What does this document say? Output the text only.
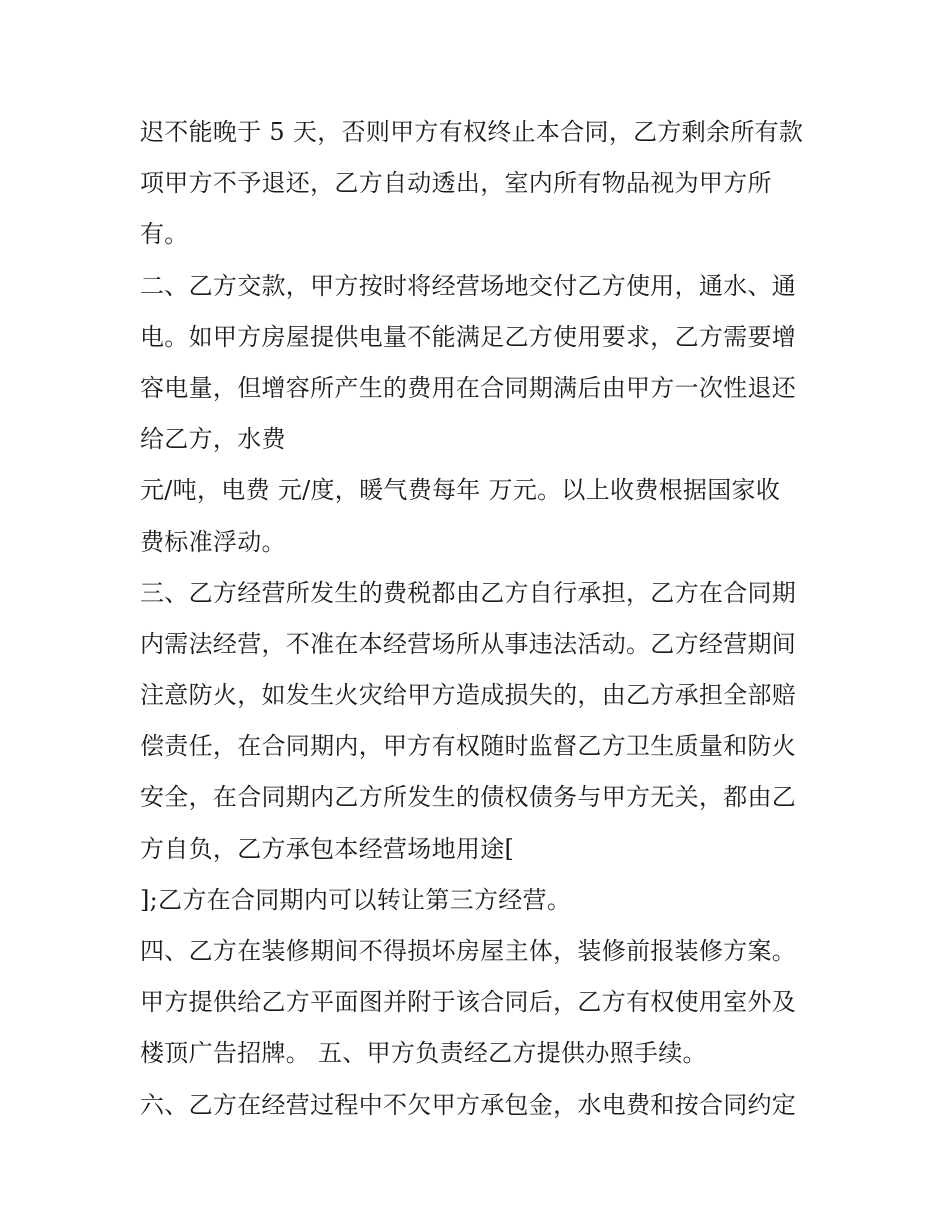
迟不能晚于 5 天，否则甲方有权终止本合同，乙方剩余所有款
项甲方不予退还，乙方自动透出，室内所有物品视为甲方所
有。
二、乙方交款，甲方按时将经营场地交付乙方使用，通水、通
电。如甲方房屋提供电量不能满足乙方使用要求，乙方需要增
容电量，但增容所产生的费用在合同期满后由甲方一次性退还
给乙方，水费
元/吨，电费 元/度，暖气费每年 万元。以上收费根据国家收
费标准浮动。
三、乙方经营所发生的费税都由乙方自行承担，乙方在合同期
内需法经营，不准在本经营场所从事违法活动。乙方经营期间
注意防火，如发生火灾给甲方造成损失的，由乙方承担全部赔
偿责任，在合同期内，甲方有权随时监督乙方卫生质量和防火
安全，在合同期内乙方所发生的债权债务与甲方无关，都由乙
方自负，乙方承包本经营场地用途[
];乙方在合同期内可以转让第三方经营。
四、乙方在装修期间不得损坏房屋主体，装修前报装修方案。
甲方提供给乙方平面图并附于该合同后，乙方有权使用室外及
楼顶广告招牌。 五、甲方负责经乙方提供办照手续。
六、乙方在经营过程中不欠甲方承包金，水电费和按合同约定
